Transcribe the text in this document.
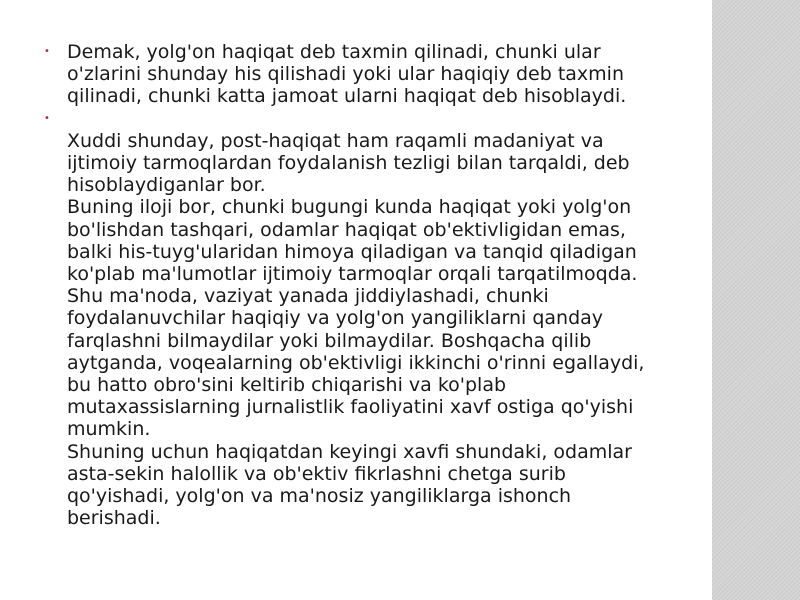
• Demak, yolg'on haqiqat deb taxmin qilinadi, chunki ular
o'zlarini shunday his qilishadi yoki ular haqiqiy deb taxmin
qilinadi, chunki katta jamoat ularni haqiqat deb hisoblaydi.
•
Xuddi shunday, post-haqiqat ham raqamli madaniyat va
ijtimoiy tarmoqlardan foydalanish tezligi bilan tarqaldi, deb
hisoblaydiganlar bor.
Buning iloji bor, chunki bugungi kunda haqiqat yoki yolg'on
bo'lishdan tashqari, odamlar haqiqat ob'ektivligidan emas,
balki his-tuyg'ularidan himoya qiladigan va tanqid qiladigan
ko'plab ma'lumotlar ijtimoiy tarmoqlar orqali tarqatilmoqda.
Shu ma'noda, vaziyat yanada jiddiylashadi, chunki
foydalanuvchilar haqiqiy va yolg'on yangiliklarni qanday
farqlashni bilmaydilar yoki bilmaydilar. Boshqacha qilib
aytganda, voqealarning ob'ektivligi ikkinchi o'rinni egallaydi,
bu hatto obro'sini keltirib chiqarishi va ko'plab
mutaxassislarning jurnalistlik faoliyatini xavf ostiga qo'yishi
mumkin.
Shuning uchun haqiqatdan keyingi xavfi shundaki, odamlar
asta-sekin halollik va ob'ektiv fikrlashni chetga surib
qo'yishadi, yolg'on va ma'nosiz yangiliklarga ishonch
berishadi.
